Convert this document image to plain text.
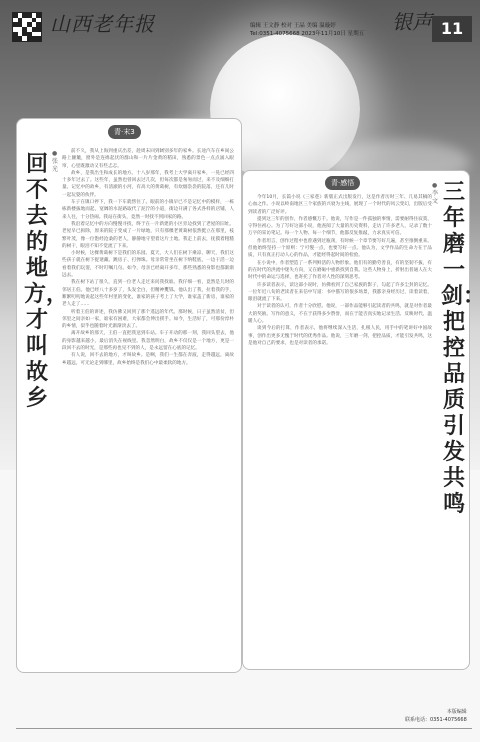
山西老年报	编辑 王文静 校对 王晶 美编 温璇婷
Tel:0351-4075668 2023年11月10日 星期五 银声 11
青·末3
回不去的地方，才叫故乡
●张光

前不久，我从上海到重庆出差，趁周末回到阔别多年的家乡。长途汽车在乡间公路上颠簸，窗外是连绵起伏的群山和一片片金黄的稻田，熟悉的景色一点点涌入眼帘，心里既激动又有些忐忑。

故乡，是我出生和成长的地方。十八岁那年，我考上大学离开家乡，一晃已经四十多年过去了。这些年，虽然也曾回去过几次，但每次都是匆匆而过，来不及细细打量。记忆中的故乡，有清澈的小河，有高大的黄葛树，有炊烟袅袅的院落，还有儿时一起玩耍的伙伴。

车子在镇口停下，我一下车就愣住了。眼前的小镇早已不是记忆中的模样，一栋栋新楼拔地而起，宽阔的水泥路取代了泥泞的小道，街边开满了各式各样的店铺，人来人往，十分热闹。我站在街头，竟然一时找不到回家的路。

我沿着记忆中的方向慢慢寻找，终于在一片新建的小区旁边找到了老屋的旧址。老屋早已拆除，原来的院子变成了一片绿地，只有那棵老黄葛树依然挺立在那里，枝繁叶茂，像一位饱经沧桑的老人，静静地守望着这片土地。我走上前去，抚摸着粗糙的树干，眼泪不知不觉流了下来。

小时候，这棵黄葛树下是我们的乐园。夏天，大人们在树下乘凉、聊天，我们这些孩子就在树下捉迷藏、跳房子、打弹珠。母亲常常坐在树下纳鞋底，一边干活一边看着我们玩耍，不时叮嘱几句。如今，母亲已经离开多年，那些熟悉的身影也都渐渐远去。

我在树下站了很久，直到一位老人走过来问我找谁。我仔细一看，竟然是儿时的邻居王伯。他已经八十多岁了，头发全白，但精神矍铄。他认出了我，拉着我的手，絮絮叨叨地说起这些年村里的变化，谁家的孩子考上了大学，谁家盖了新房，谁家的老人走了……

听着王伯的讲述，我仿佛又回到了那个遥远的年代。那时候，日子虽然清贫，但邻里之间亲如一家，谁家有困难，大家都会伸出援手。如今，生活好了，可那份淳朴的乡情，似乎也随着时光渐渐淡去了。

离开故乡的那天，王伯一直把我送到车站。车子开动的那一刻，我回头望去，他的身影越来越小，最后消失在视线里。我忽然明白，故乡不仅仅是一个地方，更是一段回不去的时光，是那些再也见不到的人，是永远留在心底的记忆。

有人说，回不去的地方，才叫故乡。是啊，我们一生都在奔波，走得越远，离故乡越远，可无论走到哪里，故乡始终是我们心中最柔软的地方。

青·感悟	三年磨一剑：把控品质引发共鸣
●李文

今年10月，长篇小说《三家巷》新版正式出版发行，这是作者历时三年、几易其稿的心血之作。小说以岭南地区三个家族的兴衰为主线，展现了一个时代的风云变幻，出版后受到读者的广泛好评。

提到这三年的创作，作者感慨万千。他说，写作是一件孤独的事情，需要耐得住寂寞、守得住初心。为了写好这部小说，他查阅了大量的历史资料，走访了许多老人，记录了数十万字的采访笔记。每一个人物、每一个细节，他都反复推敲，力求真实可信。

作者坦言，创作过程中也曾遇到过瓶颈，有时候一个章节要写好几遍，甚至推倒重来。但他始终坚持一个原则：宁可慢一点，也要写好一点。他认为，文学作品的生命力在于品质，只有真正打动人心的作品，才能经得起时间的检验。

在小说中，作者塑造了一系列鲜活的人物形象。他们有的勤劳善良，有的坚韧不拔，有的在时代的洪流中迷失方向，又在磨砺中重新找到自我。这些人物身上，折射出普通人在大时代中的命运与选择，也寄托了作者对人性的深刻思考。

许多读者表示，读这部小说时，仿佛看到了自己家族的影子，勾起了许多尘封的记忆。一位年近八旬的老读者在来信中写道：书中描写的很多场景，我都亲身经历过，读着读着，眼泪就流了下来。

对于读者的认可，作者十分欣慰。他说，一部作品能够引起读者的共鸣，就是对作者最大的奖励。写作的意义，不在于获得多少赞誉，而在于能否真实地记录生活、反映时代、温暖人心。

谈到今后的打算，作者表示，他将继续深入生活，扎根人民，用手中的笔讲好中国故事，创作出更多无愧于时代的优秀作品。他说，三年磨一剑，把控品质，才能引发共鸣，这是他对自己的要求，也是对读者的承诺。

本版编辑
联系电话：0351-4075668
